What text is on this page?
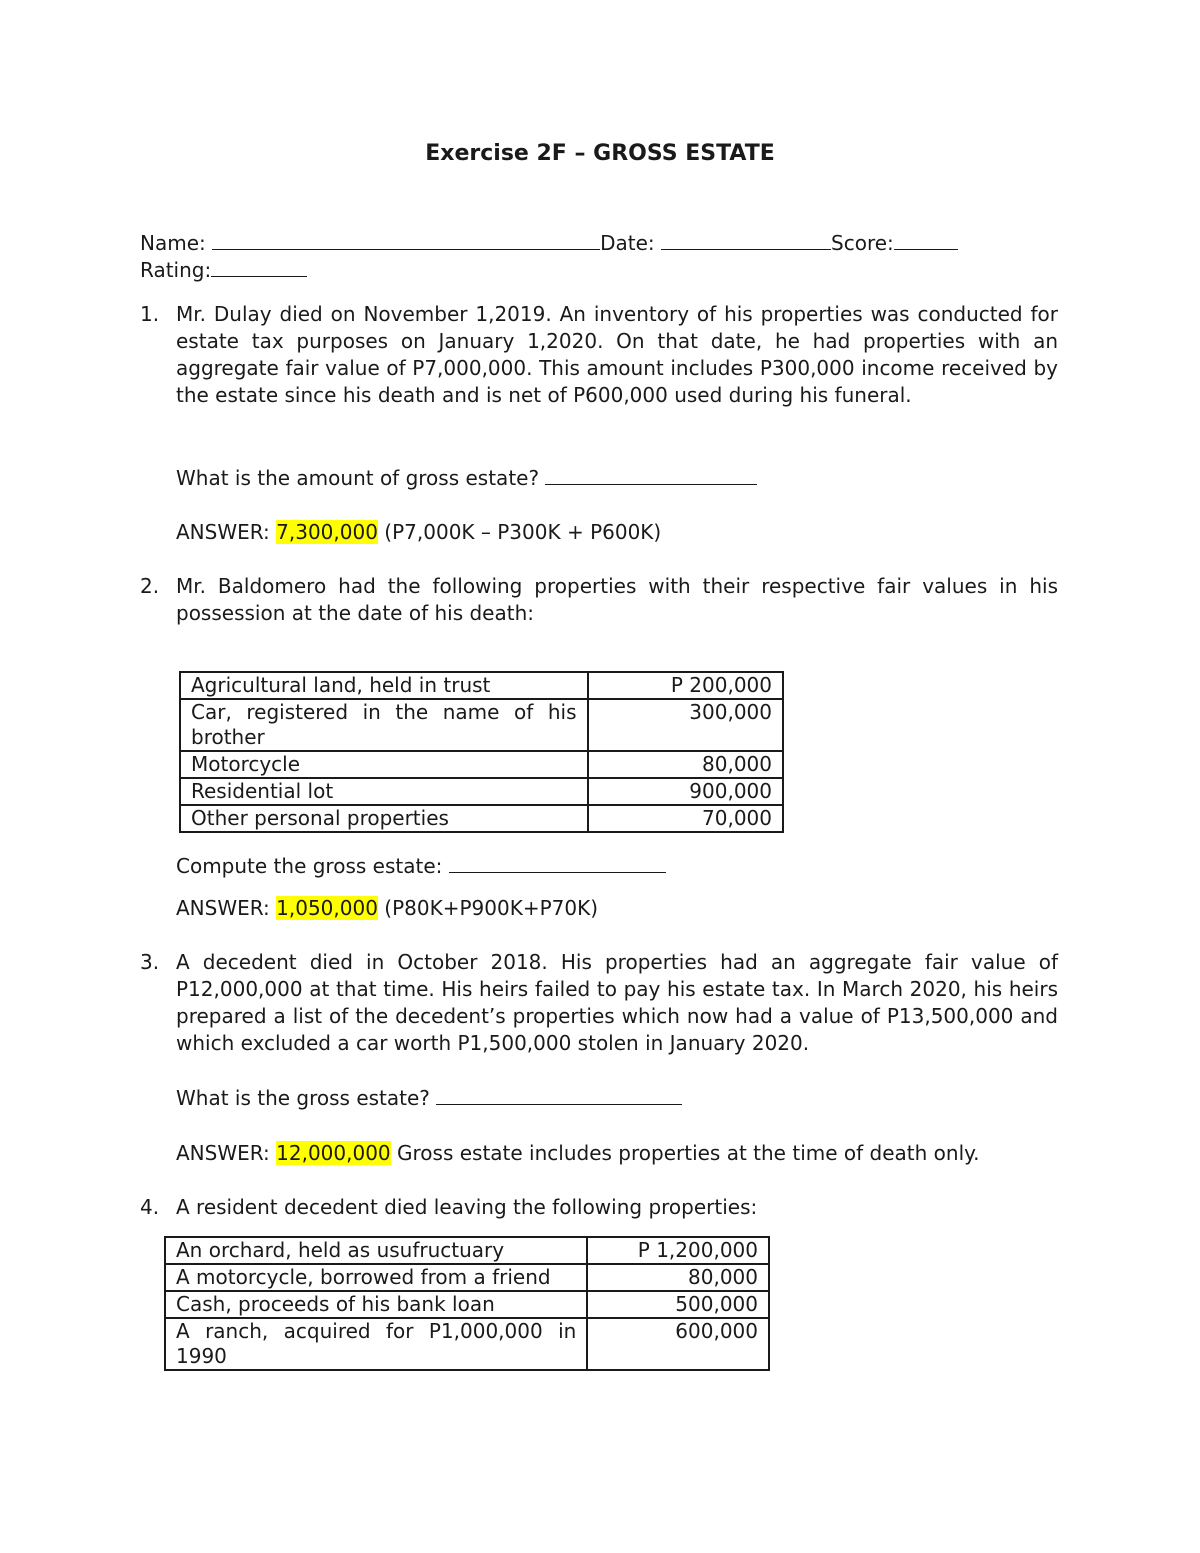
Exercise 2F – GROSS ESTATE
Name:	Date:	Score:
Rating:
1. Mr. Dulay died on November 1,2019. An inventory of his properties was conducted for estate tax purposes on January 1,2020. On that date, he had properties with an aggregate fair value of P7,000,000. This amount includes P300,000 income received by the estate since his death and is net of P600,000 used during his funeral.
What is the amount of gross estate?
ANSWER: 7,300,000 (P7,000K – P300K + P600K)
2. Mr. Baldomero had the following properties with their respective fair values in his possession at the date of his death:
Agricultural land, held in trust	P 200,000
Car, registered in the name of his brother	300,000
Motorcycle	80,000
Residential lot	900,000
Other personal properties	70,000
Compute the gross estate:
ANSWER: 1,050,000 (P80K+P900K+P70K)
3. A decedent died in October 2018. His properties had an aggregate fair value of P12,000,000 at that time. His heirs failed to pay his estate tax. In March 2020, his heirs prepared a list of the decedent’s properties which now had a value of P13,500,000 and which excluded a car worth P1,500,000 stolen in January 2020.
What is the gross estate?
ANSWER: 12,000,000 Gross estate includes properties at the time of death only.
4. A resident decedent died leaving the following properties:
An orchard, held as usufructuary	P 1,200,000
A motorcycle, borrowed from a friend	80,000
Cash, proceeds of his bank loan	500,000
A ranch, acquired for P1,000,000 in 1990	600,000
